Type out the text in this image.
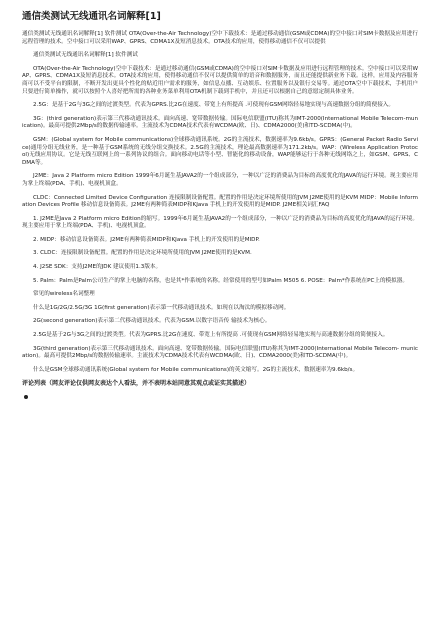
通信类测试无线通讯名词解释[1]
通信类测试无线通讯名词解释[1] 软件测试 OTA(Over-the-Air Technology)空中下载技术：是通过移动通信(GSM或CDMA)的空中接口对SIM卡数据及应用进行远程管理的技术。空中接口可以采用WAP、GPRS、CDMA1X及短消息技术。OTA技术的应用，使得移动通信不仅可以提供
通信类测试无线通讯名词解释[1] 软件测试
OTA(Over-the-Air Technology)空中下载技术：是通过移动通信(GSM或CDMA)的空中接口对SIM卡数据及应用进行远程管理的技术。空中接口可以采用WAP、GPRS、CDMA1X及短消息技术。OTA技术的应用，使得移动通信不仅可以提供简单的语音和数据服务，而且还能提供新业务下载。这样，应用及内容服务商可以不受平台的限制，不断开发出更具个性化的贴近用户需求的服务，如信息点播、互动娱乐、位置服务以及银行交易等。通过OTA空中下载技术，手机用户只要进行简单操作，就可以按照个人喜好把所需的各种业务菜单利用OTA机制下载到手机中，并且还可以根据自己的意愿定制具体业务。
2.5G：是基于2G与3G之间的过渡类型。代表为GPRS.比2G在速度、带宽上有所提高 .可使现有GSM网络轻易地实现与高速数据分组的简便接入。
3G：(third generation)表示第三代移动通讯技术。面向高速、宽带数据传输。国际电信联盟(ITU)称其为IMT-2000(International Mobile Telecom-munication)。最高可提供2Mbp/s的数据传输速率。主流技术为CDMA技术代表有WCDMA(欧、日)、CDMA2000(美)和TD-SCDMA(中)。
GSM：(Global system for Mobile communications)全球移动通讯系统。2G的主流技术，数据速率为9.6kb/s。GPRS：(General Packet Radio Service)通用分组无线业务，是一种基于GSM系统的无线分组交换技术。2.5G的主流技术，理论最高数据速率为171.2kb/s。WAP：(Wireless Application Protocol)无线应用协议。它是无线互联网上的一系列协议的组合。面向移动电话等小型、智能化的移动设备，WAP能够运行于各种无线网络之上，如GSM、GPRS、CDMA等。
J2ME：Java 2 Platform micro Edition 1999年6月诞生基JAVA2的一个组成部分，一种以广泛的消费品为目标的高度优化的JAVA的运行环境。现主要应用为掌上终端(PDA、手机)、电视机顶盒。
CLDC：Connected Limited Device Configuration 连接限制设备配置。配置的作用是决定环境所使用的JVM J2ME使用的是KVM MIDP：Mobile Information Devices Profile 移动信息设备简表。J2ME有两种简表MIDP和KJava 手机上的开发使用的是MIDP. J2ME相关词汇FAQ
1. J2ME是Java 2 Platform micro Edition的缩写。1999年6月诞生基JAVA2的一个组成部分，一种以广泛的消费品为目标的高度优化的JAVA的运行环境。现主要应用于掌上终端(PDA、手机)、电视机顶盒。
2. MIDP：移动信息设备简表。J2ME有两种简表MIDP和KJava 手机上的开发使用的是MIDP.
3. CLDC：连接限制设备配置。配置的作用是决定环境所使用的JVM J2ME使用的是KVM.
4. J2SE SDK：支持J2ME的JDK 建议使用1.3版本。
5. Palm：Palm是Palm公司生产的掌上电脑的名称，也是其*作系统的名称。经常使用的型号如Palm M505 6. POSE：Palm*作系统在PC上的模拟器。
常见的wireless名词整理
什么是1G/2G/2.5G/3G 1G(first generation)表示第一代移动通讯技术。如现在以淘汰的模拟移动网。
2G(second generation)表示第二代移动通讯技术。代表为GSM.以数字语音传 输技术为核心。
2.5G是基于2G与3G之间的过渡类型。代表为GPRS.比2G在速度、带宽上有所提高 .可使现有GSM网络轻易地实现与高速数据分组的简便接入。
3G(third generation)表示第三代移动通讯技术。面向高速、宽带数据传输。国际电信联盟(ITU)称其为IMT-2000(International Mobile Telecom- munication)。最高可提供2Mbp/s的数据传输速率。主流技术为CDMA技术代表有WCDMA(欧、日)、CDMA2000(美)和TD-SCDMA(中)。
什么是GSM全球移动通讯系统(Global system for Mobile communications)的英文缩写。2G的主流技术，数据速率为9.6kb/s。
评论列表（网友评论仅供网友表达个人看法，并不表明本站同意其观点或证实其描述）
